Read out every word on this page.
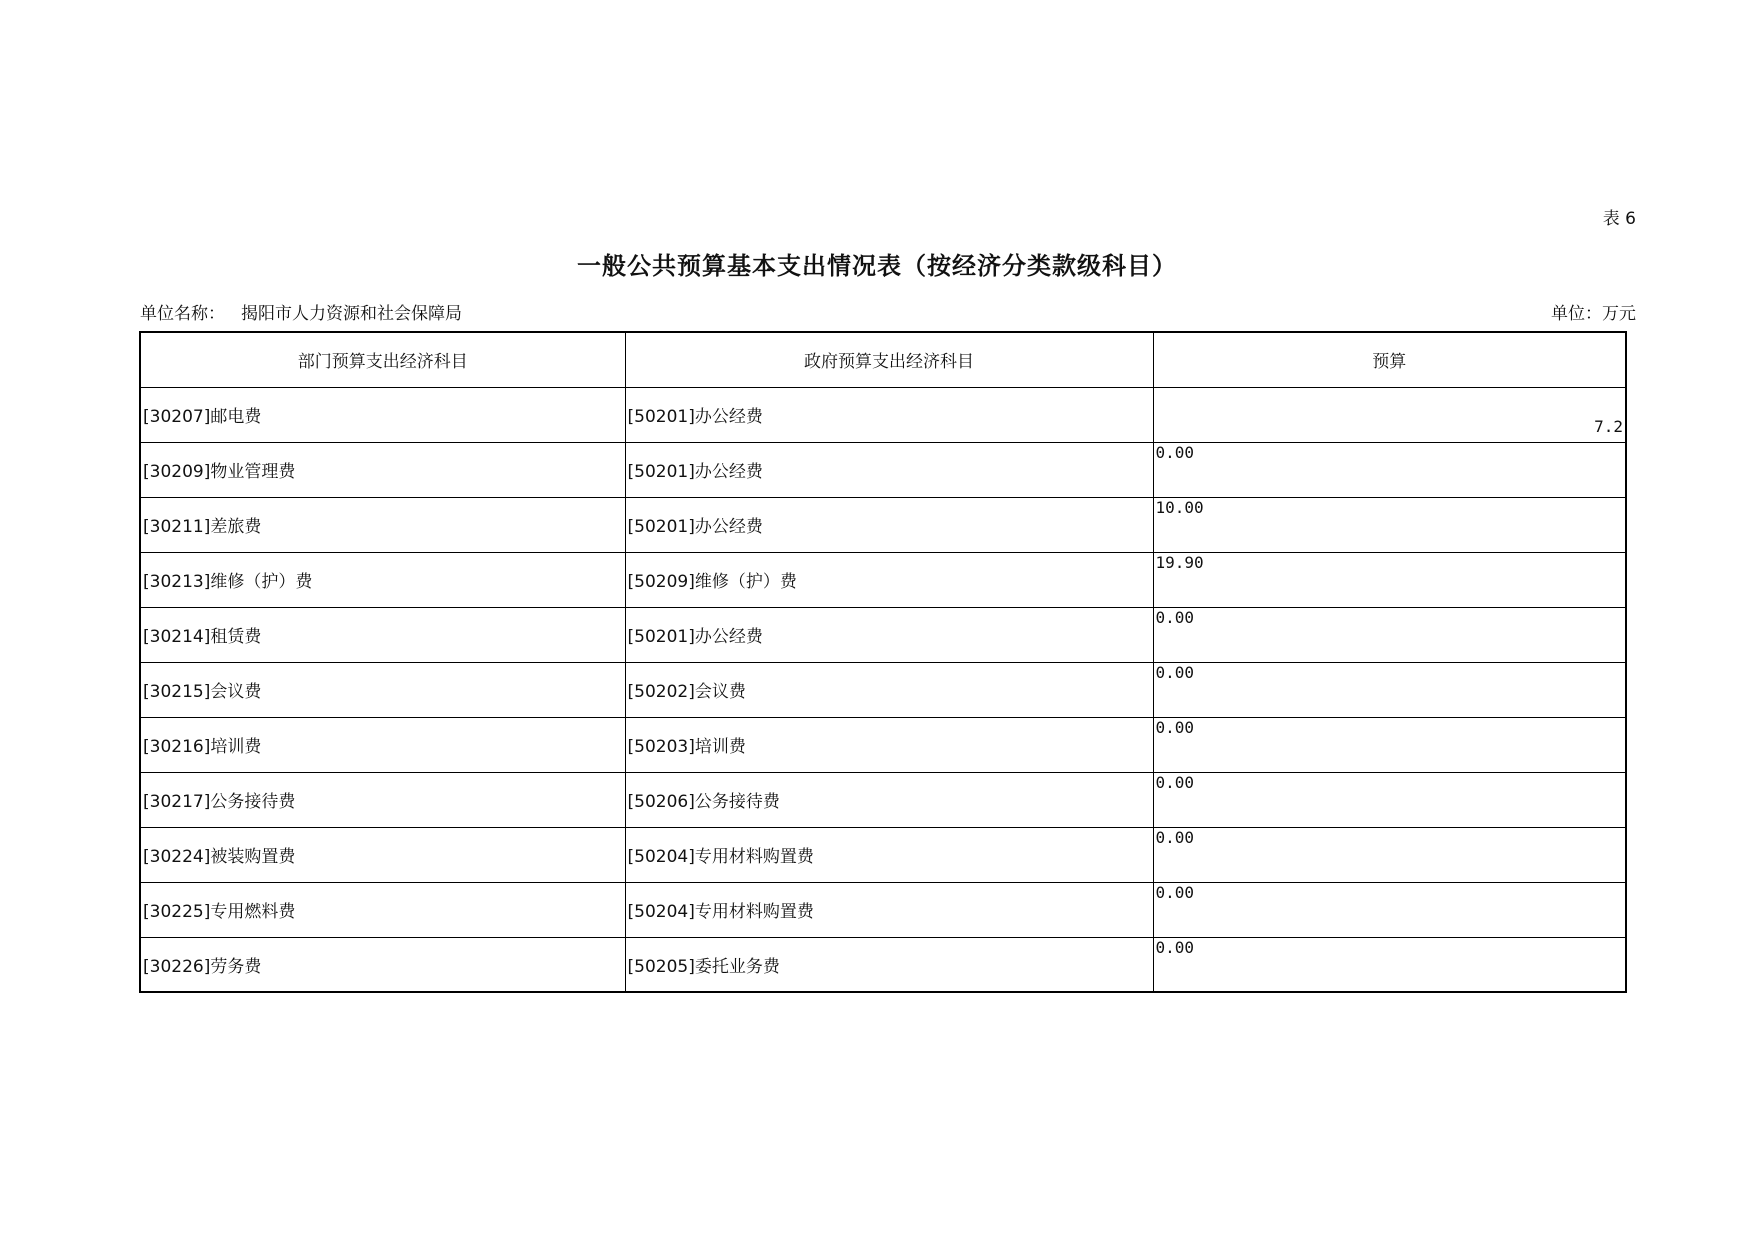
表 6
一般公共预算基本支出情况表（按经济分类款级科目）
单位名称： 揭阳市人力资源和社会保障局	单位：万元
部门预算支出经济科目	政府预算支出经济科目	预算
[30207]邮电费	[50201]办公经费	7.2
[30209]物业管理费	[50201]办公经费	0.00
[30211]差旅费	[50201]办公经费	10.00
[30213]维修（护）费	[50209]维修（护）费	19.90
[30214]租赁费	[50201]办公经费	0.00
[30215]会议费	[50202]会议费	0.00
[30216]培训费	[50203]培训费	0.00
[30217]公务接待费	[50206]公务接待费	0.00
[30224]被装购置费	[50204]专用材料购置费	0.00
[30225]专用燃料费	[50204]专用材料购置费	0.00
[30226]劳务费	[50205]委托业务费	0.00
